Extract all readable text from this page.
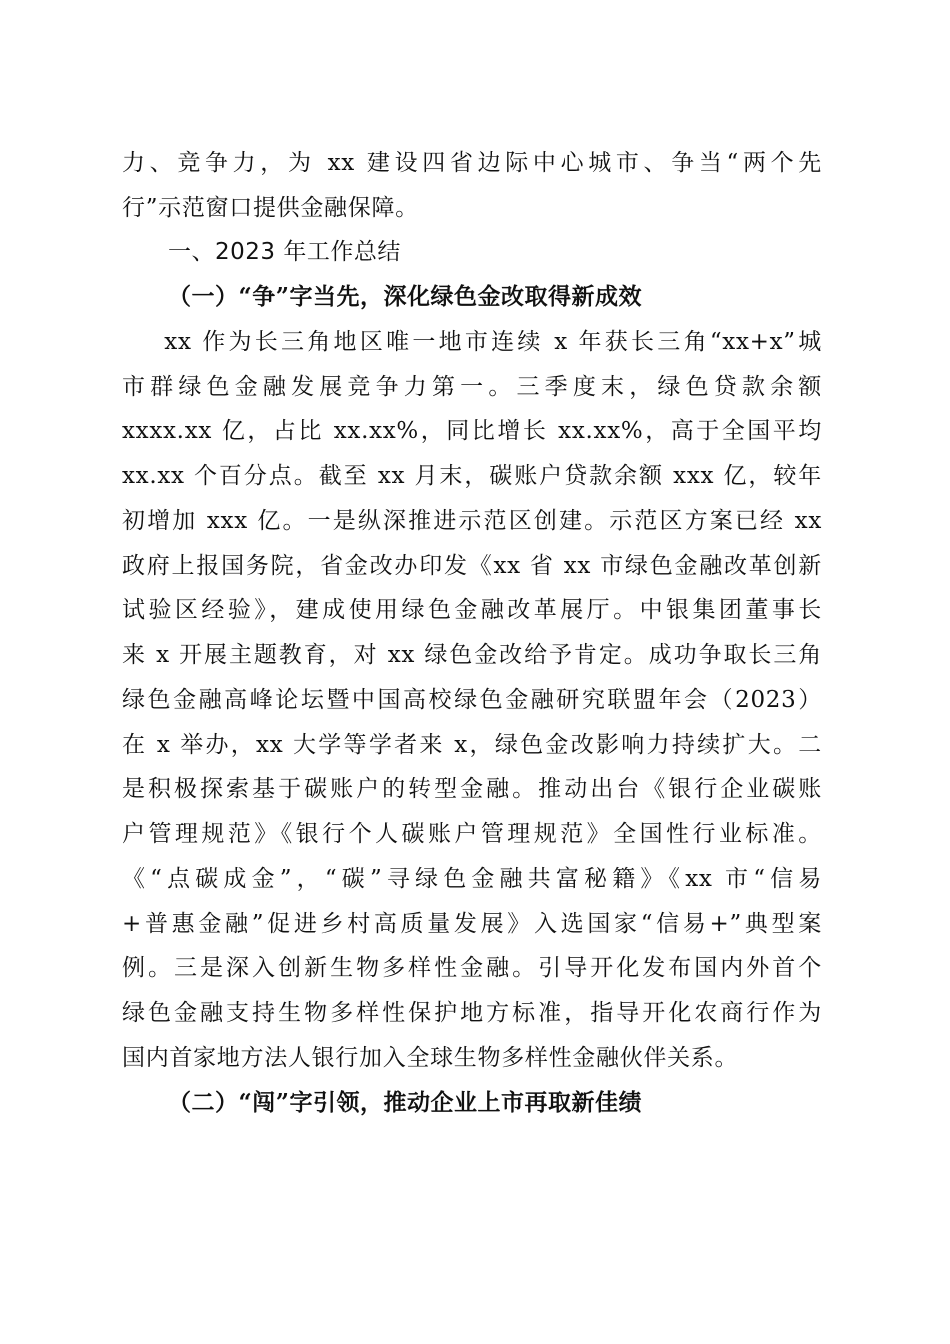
力、竞争力，为 xx 建设四省边际中心城市、争当“两个先
行”示范窗口提供金融保障。
一、2023 年工作总结
（一）“争”字当先，深化绿色金改取得新成效
xx 作为长三角地区唯一地市连续 x 年获长三角“xx+x”城
市群绿色金融发展竞争力第一。三季度末，绿色贷款余额
xxxx.xx 亿，占比 xx.xx%，同比增长 xx.xx%，高于全国平均
xx.xx 个百分点。截至 xx 月末，碳账户贷款余额 xxx 亿，较年
初增加 xxx 亿。一是纵深推进示范区创建。示范区方案已经 xx
政府上报国务院，省金改办印发《xx 省 xx 市绿色金融改革创新
试验区经验》，建成使用绿色金融改革展厅。中银集团董事长
来 x 开展主题教育，对 xx 绿色金改给予肯定。成功争取长三角
绿色金融高峰论坛暨中国高校绿色金融研究联盟年会（2023）
在 x 举办，xx 大学等学者来 x，绿色金改影响力持续扩大。二
是积极探索基于碳账户的转型金融。推动出台《银行企业碳账
户管理规范》《银行个人碳账户管理规范》全国性行业标准。
《“点碳成金”，“碳”寻绿色金融共富秘籍》《xx 市“信易
+普惠金融”促进乡村高质量发展》入选国家“信易+”典型案
例。三是深入创新生物多样性金融。引导开化发布国内外首个
绿色金融支持生物多样性保护地方标准，指导开化农商行作为
国内首家地方法人银行加入全球生物多样性金融伙伴关系。
（二）“闯”字引领，推动企业上市再取新佳绩
